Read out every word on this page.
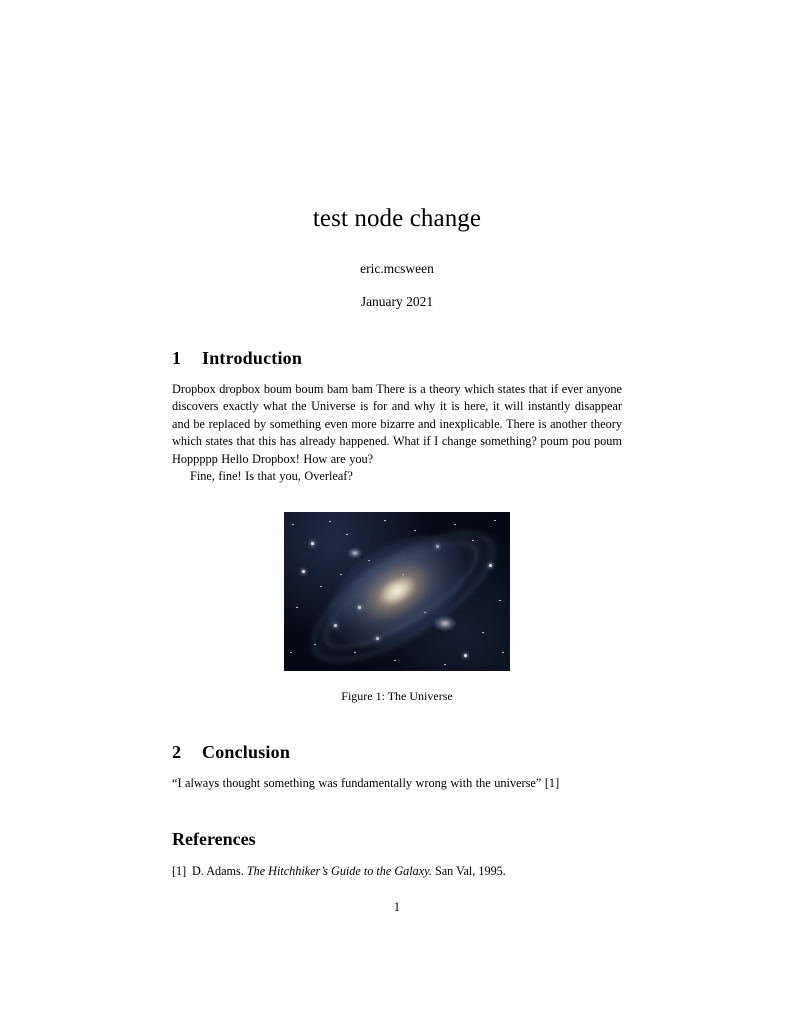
test node change
eric.mcsween
January 2021
1 Introduction

Dropbox dropbox boum boum bam bam There is a theory which states that if ever anyone discovers exactly what the Universe is for and why it is here, it will instantly disappear and be replaced by something even more bizarre and inexplicable. There is another theory which states that this has already happened. What if I change something? poum pou poum Hoppppp Hello Dropbox! How are you?

Fine, fine! Is that you, Overleaf?

Figure 1: The Universe
2 Conclusion

“I always thought something was fundamentally wrong with the universe” [1]

References
[1] D. Adams. The Hitchhiker’s Guide to the Galaxy. San Val, 1995.
1
